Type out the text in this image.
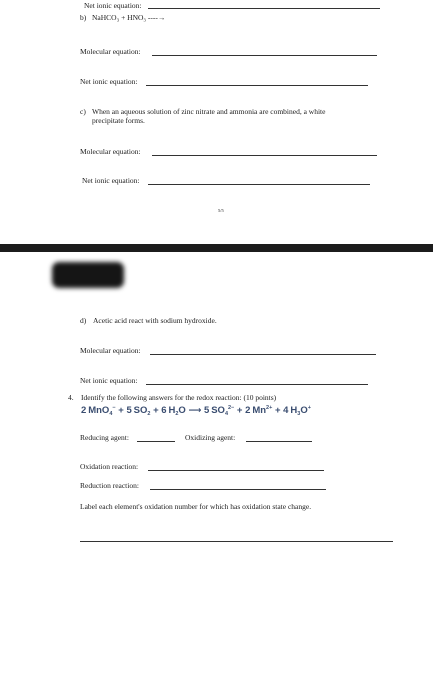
Net ionic equation:
b) NaHCO₃ + HNO₃ ----→
Molecular equation:
Net ionic equation:
c) When an aqueous solution of zinc nitrate and ammonia are combined, a white
precipitate forms.
Molecular equation:
Net ionic equation:
5/5
d) Acetic acid react with sodium hydroxide.
Molecular equation:
Net ionic equation:
4. Identify the following answers for the redox reaction: (10 points)
2  MnO$_4$− + 5  $SO_2 + 6$  $H_2O$ ⟶ 5  $SO_4^{2-} + 2$  $Mn^{2+} + 4$  $H_3O^+$
Reducing agent:	Oxidizing agent:
Oxidation reaction:
Reduction reaction:
Label each element's oxidation number for which has oxidation state change.
